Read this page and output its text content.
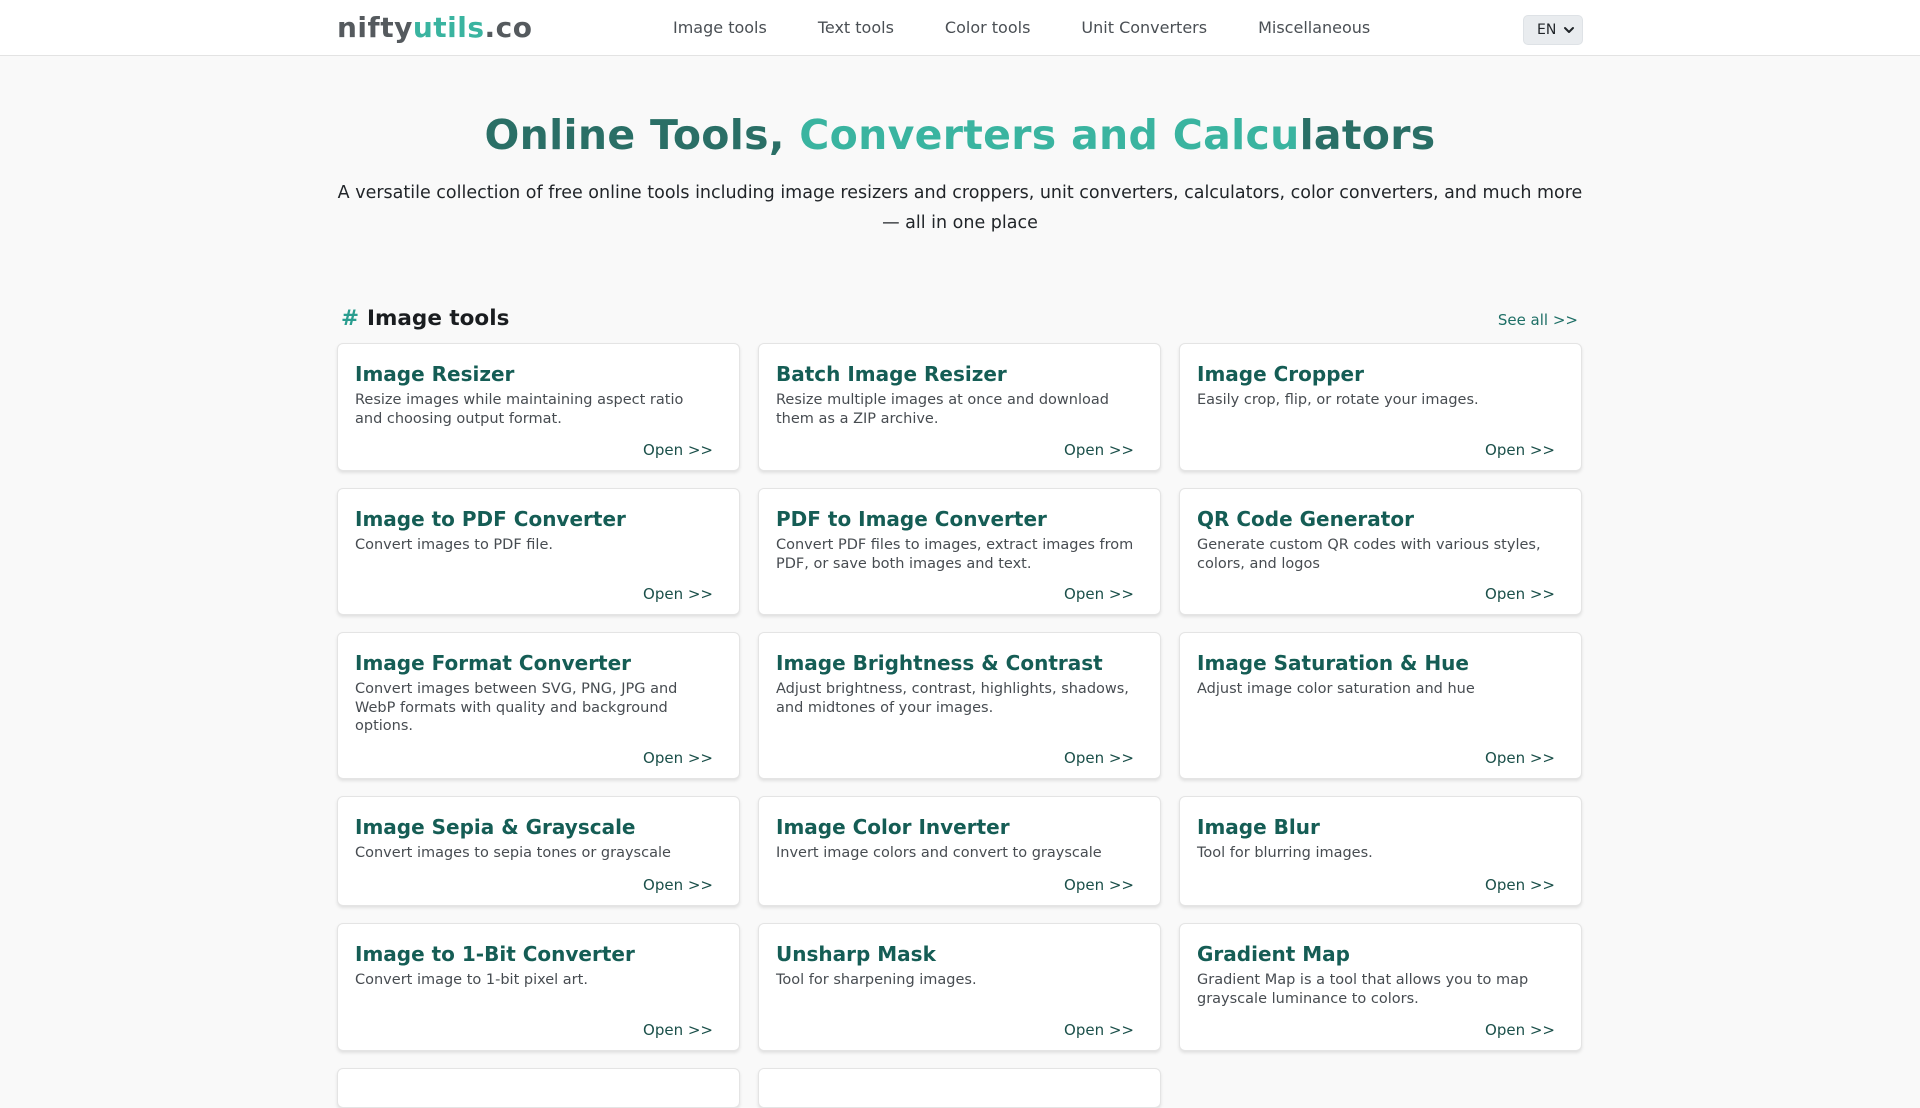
niftyutils.co	Image tools	Text tools	Color tools	Unit Converters	Miscellaneous	EN
Online Tools, Converters and Calculators

A versatile collection of free online tools including image resizers and croppers, unit converters, calculators, color converters, and much more — all in one place

# Image tools	See all >>
Image Resizer
Resize images while maintaining aspect ratio and choosing output format.
Open >>
Batch Image Resizer
Resize multiple images at once and download them as a ZIP archive.
Open >>
Image Cropper
Easily crop, flip, or rotate your images.
Open >>
Image to PDF Converter
Convert images to PDF file.
Open >>
PDF to Image Converter
Convert PDF files to images, extract images from PDF, or save both images and text.
Open >>
QR Code Generator
Generate custom QR codes with various styles, colors, and logos
Open >>
Image Format Converter
Convert images between SVG, PNG, JPG and WebP formats with quality and background options.
Open >>
Image Brightness & Contrast
Adjust brightness, contrast, highlights, shadows, and midtones of your images.
Open >>
Image Saturation & Hue
Adjust image color saturation and hue
Open >>
Image Sepia & Grayscale
Convert images to sepia tones or grayscale
Open >>
Image Color Inverter
Invert image colors and convert to grayscale
Open >>
Image Blur
Tool for blurring images.
Open >>
Image to 1-Bit Converter
Convert image to 1-bit pixel art.
Open >>
Unsharp Mask
Tool for sharpening images.
Open >>
Gradient Map
Gradient Map is a tool that allows you to map grayscale luminance to colors.
Open >>
